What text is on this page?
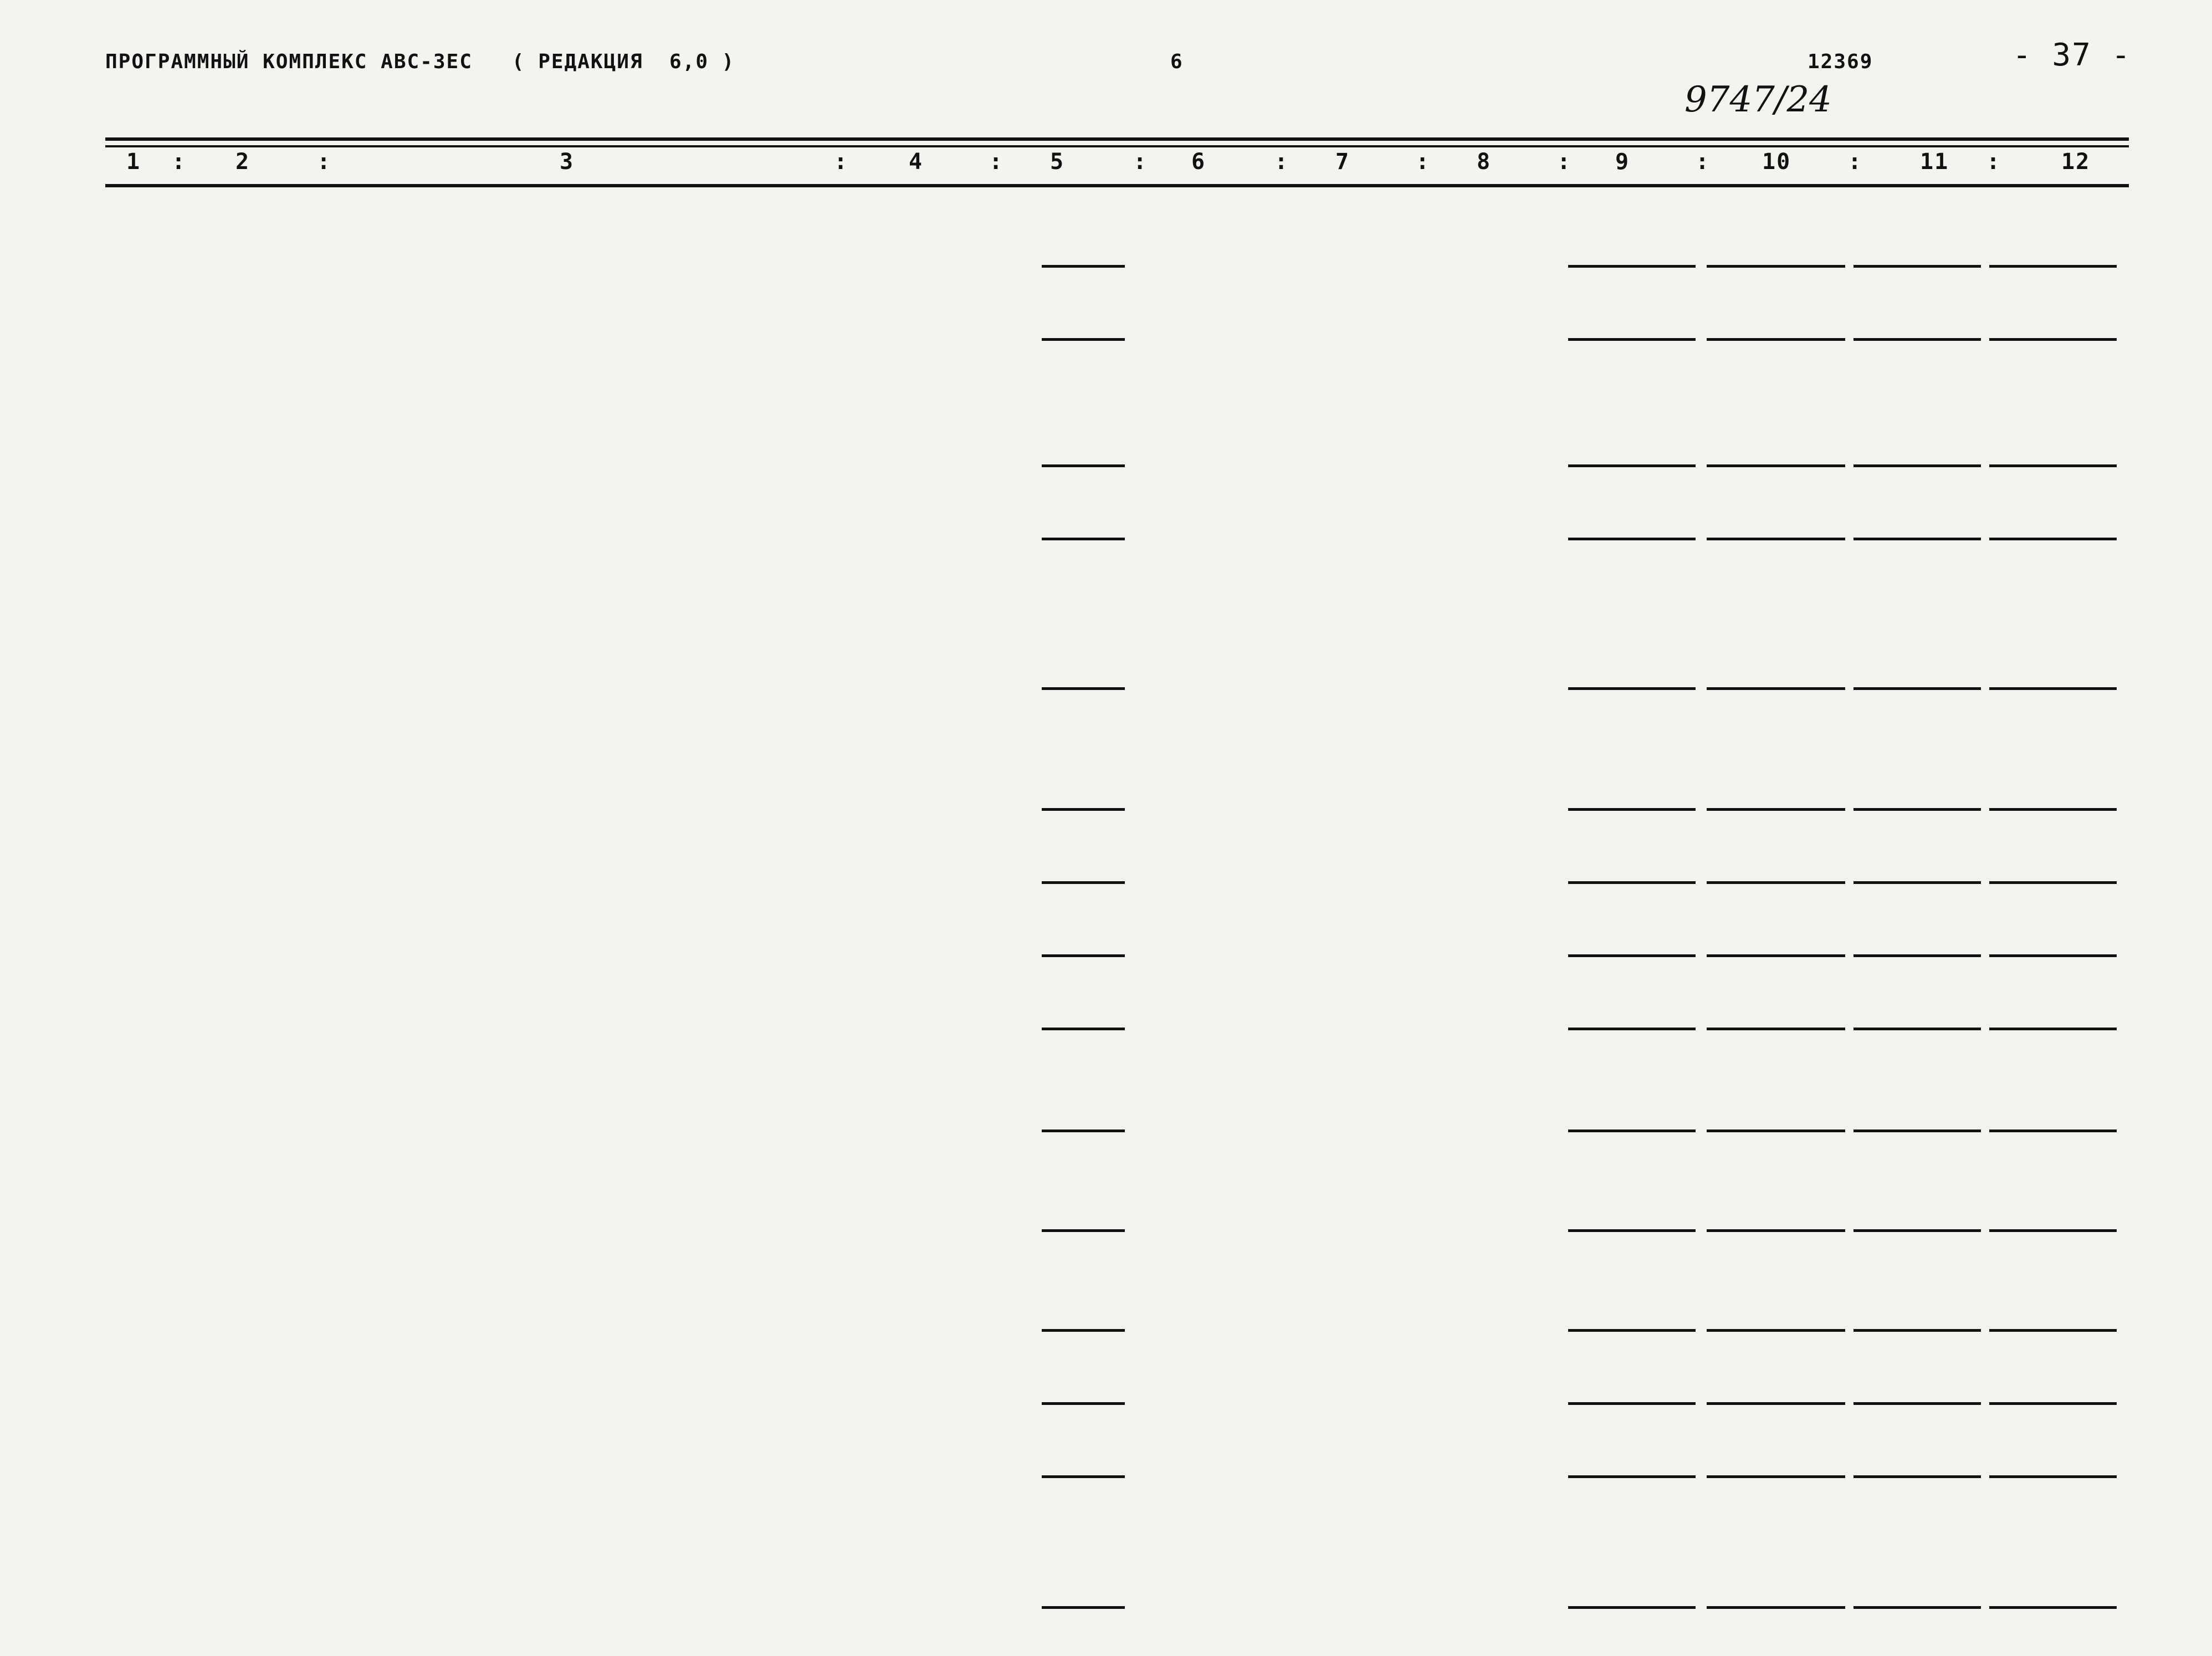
ПРОГРАММНЫЙ КОМПЛЕКС АВС-3ЕС   ( РЕДАКЦИЯ  6,0 )	6	12369	- 37 -
9747/24
1	2	3	4	5	6	7	8	9	10	11	12
:	:	:	:	:	:	:	:	:	:	:
